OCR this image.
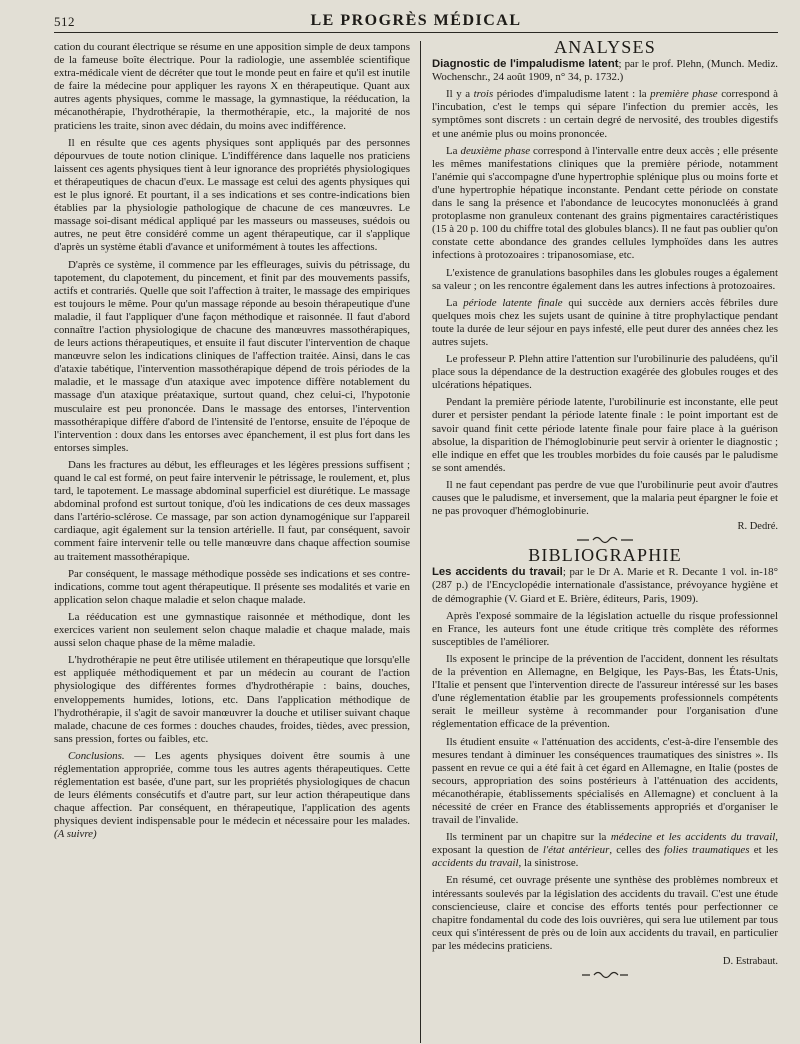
512	LE PROGRÈS MÉDICAL

cation du courant électrique se résume en une apposition simple de deux tampons de la fameuse boîte électrique. Pour la radiologie, une assemblée scientifique extra-médicale vient de décréter que tout le monde peut en faire et qu'il est inutile de faire la médecine pour appliquer les rayons X en thérapeutique. Quant aux autres agents physiques, comme le massage, la gymnastique, la rééducation, la mécanothérapie, l'hydrothérapie, la thermothérapie, etc., la majorité de nos praticiens les traite, sinon avec dédain, du moins avec indifférence.

Il en résulte que ces agents physiques sont appliqués par des personnes dépourvues de toute notion clinique. L'indifférence dans laquelle nos praticiens laissent ces agents physiques tient à leur ignorance des propriétés physiologiques et thérapeutiques de chacun d'eux. Le massage est celui des agents physiques qui est le plus ignoré. Et pourtant, il a ses indications et ses contre-indications bien établies par la physiologie pathologique de chacune de ces manœuvres. Le massage soi-disant médical appliqué par les masseurs ou masseuses, suédois ou autres, ne peut être considéré comme un agent thérapeutique, car il s'applique d'après un système établi d'avance et uniformément à toutes les affections.

D'après ce système, il commence par les effleurages, suivis du pétrissage, du tapotement, du clapotement, du pincement, et finit par des mouvements passifs, actifs et contrariés. Quelle que soit l'affection à traiter, le massage des empiriques est toujours le même. Pour qu'un massage réponde au besoin thérapeutique d'une maladie, il faut l'appliquer d'une façon méthodique et raisonnée. Il faut d'abord connaître l'action physiologique de chacune des manœuvres massothérapiques, de leurs actions thérapeutiques, et ensuite il faut discuter l'intervention de chaque manœuvre selon les indications cliniques de l'affection traitée. Ainsi, dans le cas d'ataxie tabétique, l'intervention massothérapique dépend de trois périodes de la maladie, et le massage d'un ataxique avec impotence diffère notablement du massage d'un ataxique préataxique, surtout quand, chez celui-ci, l'hypotonie musculaire est peu prononcée. Dans le massage des entorses, l'intervention massothérapique diffère d'abord de l'intensité de l'entorse, ensuite de l'époque de l'intervention : doux dans les entorses avec épanchement, il est plus fort dans les entorses simples.

Dans les fractures au début, les effleurages et les légères pressions suffisent ; quand le cal est formé, on peut faire intervenir le pétrissage, le roulement, et, plus tard, le tapotement. Le massage abdominal superficiel est diurétique. Le massage abdominal profond est surtout tonique, d'où les indications de ces deux massages dans l'artério-sclérose. Ce massage, par son action dynamogénique sur l'appareil cardiaque, agit également sur la tension artérielle. Il faut, par conséquent, savoir comment faire intervenir telle ou telle manœuvre dans chaque affection soumise au traitement massothérapique.

Par conséquent, le massage méthodique possède ses indications et ses contre-indications, comme tout agent thérapeutique. Il présente ses modalités et varie en application selon chaque maladie et selon chaque malade.

La rééducation est une gymnastique raisonnée et méthodique, dont les exercices varient non seulement selon chaque maladie et chaque malade, mais aussi selon chaque phase de la même maladie.

L'hydrothérapie ne peut être utilisée utilement en thérapeutique que lorsqu'elle est appliquée méthodiquement et par un médecin au courant de l'action physiologique des différentes formes d'hydrothérapie : bains, douches, enveloppements humides, lotions, etc. Dans l'application méthodique de l'hydrothérapie, il s'agit de savoir manœuvrer la douche et utiliser suivant chaque malade, chacune de ces formes : douches chaudes, froides, tièdes, avec pression, sans pression, fortes ou faibles, etc.

Conclusions. — Les agents physiques doivent être soumis à une réglementation appropriée, comme tous les autres agents thérapeutiques. Cette réglementation est basée, d'une part, sur les propriétés physiologiques de chacun de leurs éléments consécutifs et d'autre part, sur leur action thérapeutique dans chaque affection. Par conséquent, en thérapeutique, l'application des agents physiques devient indispensable pour le médecin et nécessaire pour les malades. (A suivre)

ANALYSES

Diagnostic de l'impaludisme latent; par le prof. Plehn, (Munch. Mediz. Wochenschr., 24 août 1909, n° 34, p. 1732.)

Il y a trois périodes d'impaludisme latent : la première phase correspond à l'incubation, c'est le temps qui sépare l'infection du premier accès, les symptômes sont discrets : un certain degré de nervosité, des troubles digestifs et une anémie plus ou moins prononcée.

La deuxième phase correspond à l'intervalle entre deux accès ; elle présente les mêmes manifestations cliniques que la première période, notamment l'anémie qui s'accompagne d'une hypertrophie splénique plus ou moins forte et d'une hypertrophie hépatique inconstante. Pendant cette période on constate dans le sang la présence et l'abondance de leucocytes mononucléés à grand protoplasme non granuleux contenant des grains pigmentaires caractéristiques (15 à 20 p. 100 du chiffre total des globules blancs). Il ne faut pas oublier qu'on constate cette abondance des grandes cellules lymphoïdes dans les autres infections à protozoaires : tripanosomiase, etc.

L'existence de granulations basophiles dans les globules rouges a également sa valeur ; on les rencontre également dans les autres infections à protozoaires.

La période latente finale qui succède aux derniers accès fébriles dure quelques mois chez les sujets usant de quinine à titre prophylactique pendant toute la durée de leur séjour en pays infesté, elle peut durer des années chez les autres sujets.

Le professeur P. Plehn attire l'attention sur l'urobilinurie des paludéens, qu'il place sous la dépendance de la destruction exagérée des globules rouges et des ulcérations hépatiques.

Pendant la première période latente, l'urobilinurie est inconstante, elle peut durer et persister pendant la période latente finale : le point important est de savoir quand finit cette période latente finale pour faire place à la guérison absolue, la disparition de l'hémoglobinurie peut servir à orienter le diagnostic ; elle indique en effet que les troubles morbides du foie causés par le paludisme se sont amendés.

Il ne faut cependant pas perdre de vue que l'urobilinurie peut avoir d'autres causes que le paludisme, et inversement, que la malaria peut épargner le foie et ne pas provoquer d'hémoglobinurie.

R. Dedré.
BIBLIOGRAPHIE

Les accidents du travail; par le Dr A. Marie et R. Decante 1 vol. in-18° (287 p.) de l'Encyclopédie internationale d'assistance, prévoyance hygiène et de démographie (V. Giard et E. Brière, éditeurs, Paris, 1909).

Après l'exposé sommaire de la législation actuelle du risque professionnel en France, les auteurs font une étude critique très complète des réformes susceptibles de l'améliorer.

Ils exposent le principe de la prévention de l'accident, donnent les résultats de la prévention en Allemagne, en Belgique, les Pays-Bas, les États-Unis, l'Italie et pensent que l'intervention directe de l'assureur intéressé sur les bases d'une réglementation établie par les groupements professionnels compétents serait le meilleur système à recommander pour l'organisation d'une réglementation efficace de la prévention.

Ils étudient ensuite « l'atténuation des accidents, c'est-à-dire l'ensemble des mesures tendant à diminuer les conséquences traumatiques des sinistres ». Ils passent en revue ce qui a été fait à cet égard en Allemagne, en Italie (postes de secours, appropriation des soins postérieurs à l'atténuation des accidents, mécanothérapie, établissements spécialisés en Allemagne) et concluent à la nécessité de créer en France des établissements appropriés et d'organiser le travail de l'invalide.

Ils terminent par un chapitre sur la médecine et les accidents du travail, exposant la question de l'état antérieur, celles des folies traumatiques et les accidents du travail, la sinistrose.

En résumé, cet ouvrage présente une synthèse des problèmes nombreux et intéressants soulevés par la législation des accidents du travail. C'est une étude consciencieuse, claire et concise des efforts tentés pour perfectionner ce chapitre fondamental du code des lois ouvrières, qui sera lue utilement par tous ceux qui s'intéressent de près ou de loin aux accidents du travail, en particulier par les médecins praticiens.

D. Estrabaut.
